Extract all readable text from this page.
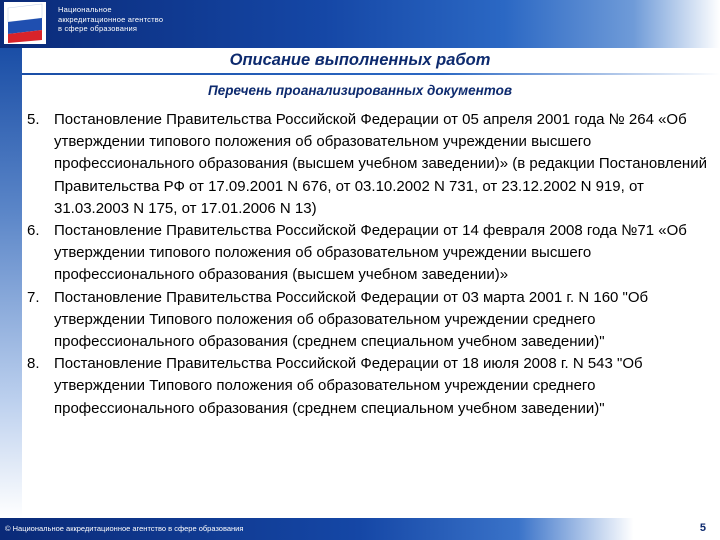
Национальное
аккредитационное агентство
в сфере образования
Описание выполненных работ
Перечень проанализированных документов
5. Постановление Правительства Российской Федерации от 05 апреля 2001 года № 264 «Об утверждении типового положения об образовательном учреждении высшего профессионального образования (высшем учебном заведении)» (в редакции Постановлений Правительства РФ от 17.09.2001 N 676, от 03.10.2002 N 731, от 23.12.2002 N 919, от 31.03.2003 N 175, от 17.01.2006 N 13)
6. Постановление Правительства Российской Федерации от 14 февраля 2008 года №71 «Об утверждении типового положения об образовательном учреждении высшего профессионального образования (высшем учебном заведении)»
7. Постановление Правительства Российской Федерации от 03 марта 2001 г. N 160 "Об утверждении Типового положения об образовательном учреждении среднего профессионального образования (среднем специальном учебном заведении)"
8. Постановление Правительства Российской Федерации от 18 июля 2008 г. N 543 "Об утверждении Типового положения об образовательном учреждении среднего профессионального образования (среднем специальном учебном заведении)"
© Национальное аккредитационное агентство в сфере образования	5
